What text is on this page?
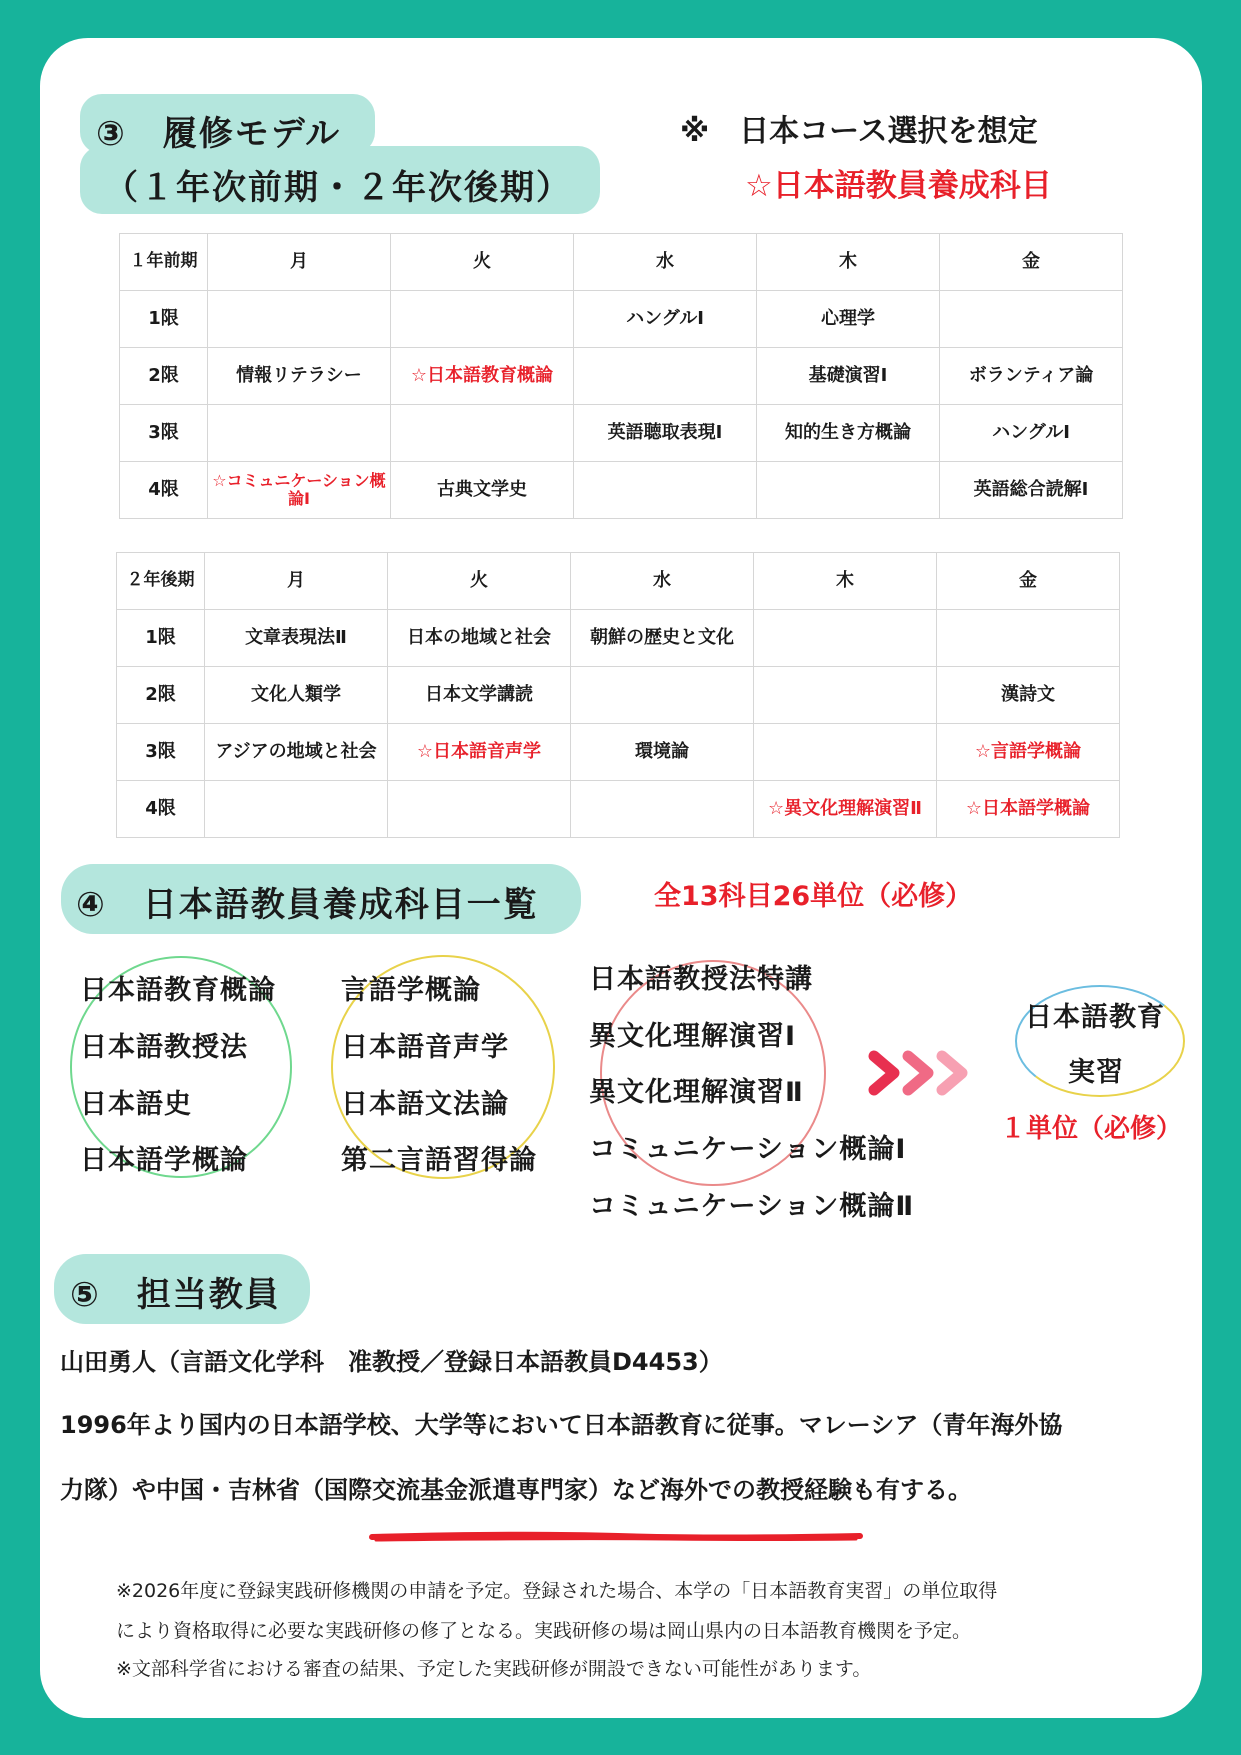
③　履修モデル
（１年次前期・２年次後期）
※　日本コース選択を想定
☆日本語教員養成科目
１年前期	月	火	水	木	金
1限			ハングルⅠ	心理学	
2限	情報リテラシー	☆日本語教育概論		基礎演習Ⅰ	ボランティア論
3限			英語聴取表現Ⅰ	知的生き方概論	ハングルⅠ
4限	☆コミュニケーション概論Ⅰ	古典文学史			英語総合読解Ⅰ
２年後期	月	火	水	木	金
1限	文章表現法Ⅱ	日本の地域と社会	朝鮮の歴史と文化		
2限	文化人類学	日本文学講読			漢詩文
3限	アジアの地域と社会	☆日本語音声学	環境論		☆言語学概論
4限				☆異文化理解演習Ⅱ	☆日本語学概論
④　日本語教員養成科目一覧	全13科目26単位（必修）
日本語教育概論
日本語教授法
日本語史
日本語学概論
言語学概論
日本語音声学
日本語文法論
第二言語習得論
日本語教授法特講
異文化理解演習Ⅰ
異文化理解演習Ⅱ
コミュニケーション概論Ⅰ
コミュニケーション概論Ⅱ
日本語教育
実習
１単位（必修）
⑤　担当教員
山田勇人（言語文化学科　准教授／登録日本語教員D4453）
1996年より国内の日本語学校、大学等において日本語教育に従事。マレーシア（青年海外協
力隊）や中国・吉林省（国際交流基金派遣専門家）など海外での教授経験も有する。
※2026年度に登録実践研修機関の申請を予定。登録された場合、本学の「日本語教育実習」の単位取得
により資格取得に必要な実践研修の修了となる。実践研修の場は岡山県内の日本語教育機関を予定。
※文部科学省における審査の結果、予定した実践研修が開設できない可能性があります。
